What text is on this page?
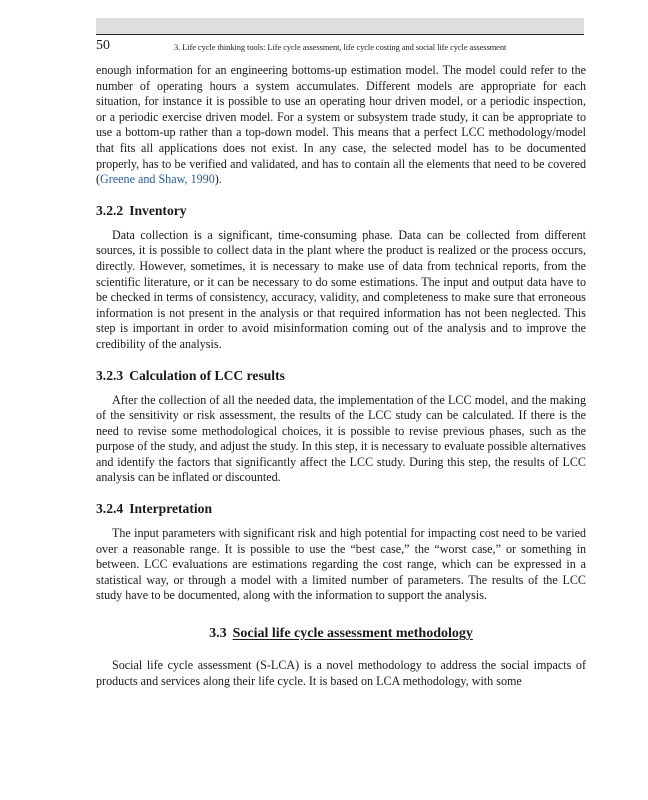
50	3. Life cycle thinking tools: Life cycle assessment, life cycle costing and social life cycle assessment

enough information for an engineering bottoms-up estimation model. The model could refer to the number of operating hours a system accumulates. Different models are appropriate for each situation, for instance it is possible to use an operating hour driven model, or a periodic inspection, or a periodic exercise driven model. For a system or subsystem trade study, it can be appropriate to use a bottom-up rather than a top-down model. This means that a perfect LCC methodology/model that fits all applications does not exist. In any case, the selected model has to be documented properly, has to be verified and validated, and has to contain all the elements that need to be covered (Greene and Shaw, 1990).

3.2.2 Inventory

Data collection is a significant, time-consuming phase. Data can be collected from different sources, it is possible to collect data in the plant where the product is realized or the process occurs, directly. However, sometimes, it is necessary to make use of data from technical reports, from the scientific literature, or it can be necessary to do some estimations. The input and output data have to be checked in terms of consistency, accuracy, validity, and completeness to make sure that erroneous information is not present in the analysis or that required information has not been neglected. This step is important in order to avoid misinformation coming out of the analysis and to improve the credibility of the analysis.

3.2.3 Calculation of LCC results

After the collection of all the needed data, the implementation of the LCC model, and the making of the sensitivity or risk assessment, the results of the LCC study can be calculated. If there is the need to revise some methodological choices, it is possible to revise previous phases, such as the purpose of the study, and adjust the study. In this step, it is necessary to evaluate possible alternatives and identify the factors that significantly affect the LCC study. During this step, the results of LCC analysis can be inflated or discounted.

3.2.4 Interpretation

The input parameters with significant risk and high potential for impacting cost need to be varied over a reasonable range. It is possible to use the “best case,” the “worst case,” or something in between. LCC evaluations are estimations regarding the cost range, which can be expressed in a statistical way, or through a model with a limited number of parameters. The results of the LCC study have to be documented, along with the information to support the analysis.

3.3 Social life cycle assessment methodology

Social life cycle assessment (S-LCA) is a novel methodology to address the social impacts of products and services along their life cycle. It is based on LCA methodology, with some
